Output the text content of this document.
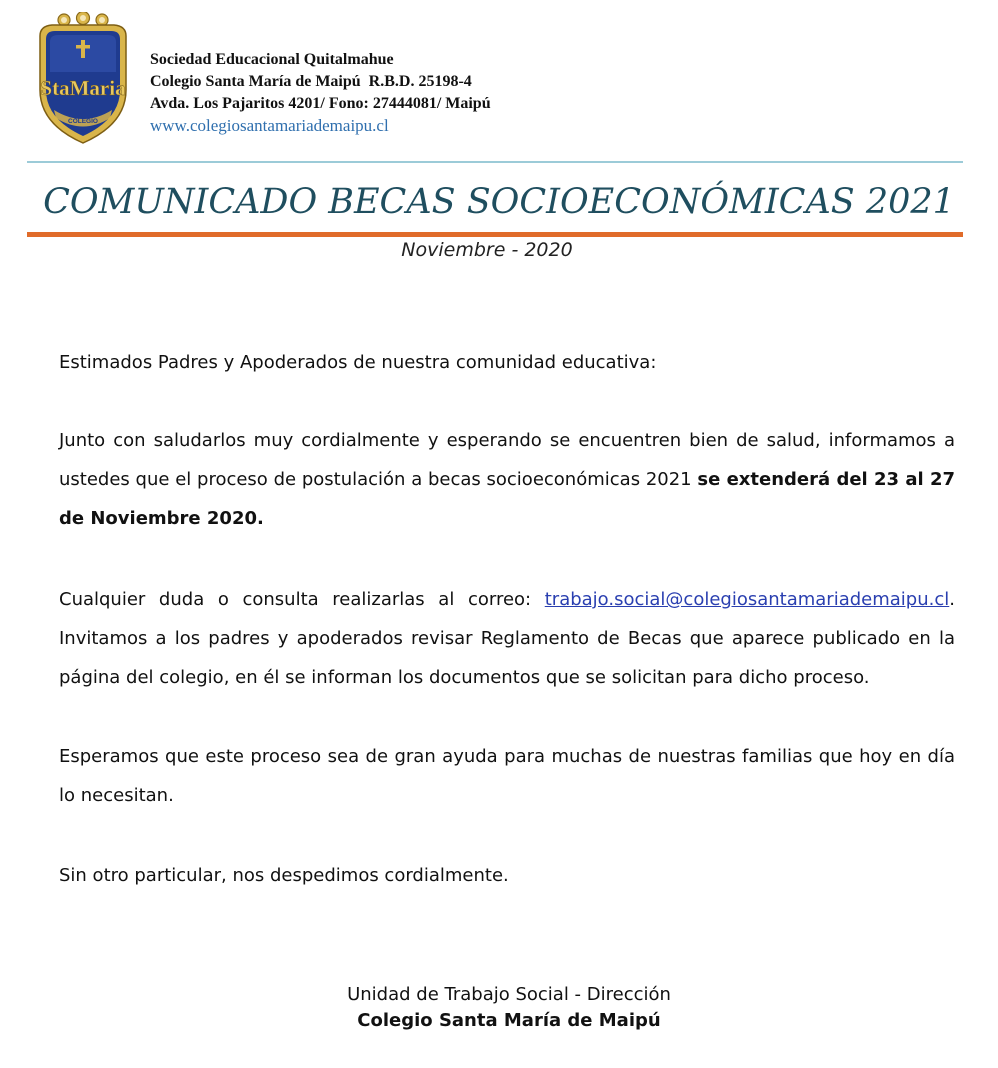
StaMaria
COLEGIO
Sociedad Educacional Quitalmahue
Colegio Santa María de Maipú  R.B.D. 25198-4
Avda. Los Pajaritos 4201/ Fono: 27444081/ Maipú
www.colegiosantamariademaipu.cl
COMUNICADO BECAS SOCIOECONÓMICAS 2021
Noviembre - 2020
Estimados Padres y Apoderados de nuestra comunidad educativa:
Junto con saludarlos muy cordialmente y esperando se encuentren bien de salud, informamos a ustedes que el proceso de postulación a becas socioeconómicas 2021 se extenderá del 23 al 27 de Noviembre 2020.
Cualquier duda o consulta realizarlas al correo: trabajo.social@colegiosantamariademaipu.cl. Invitamos a los padres y apoderados revisar Reglamento de Becas que aparece publicado en la página del colegio, en él se informan los documentos que se solicitan para dicho proceso.
Esperamos que este proceso sea de gran ayuda para muchas de nuestras familias que hoy en día lo necesitan.
Sin otro particular, nos despedimos cordialmente.
Unidad de Trabajo Social - Dirección
Colegio Santa María de Maipú
